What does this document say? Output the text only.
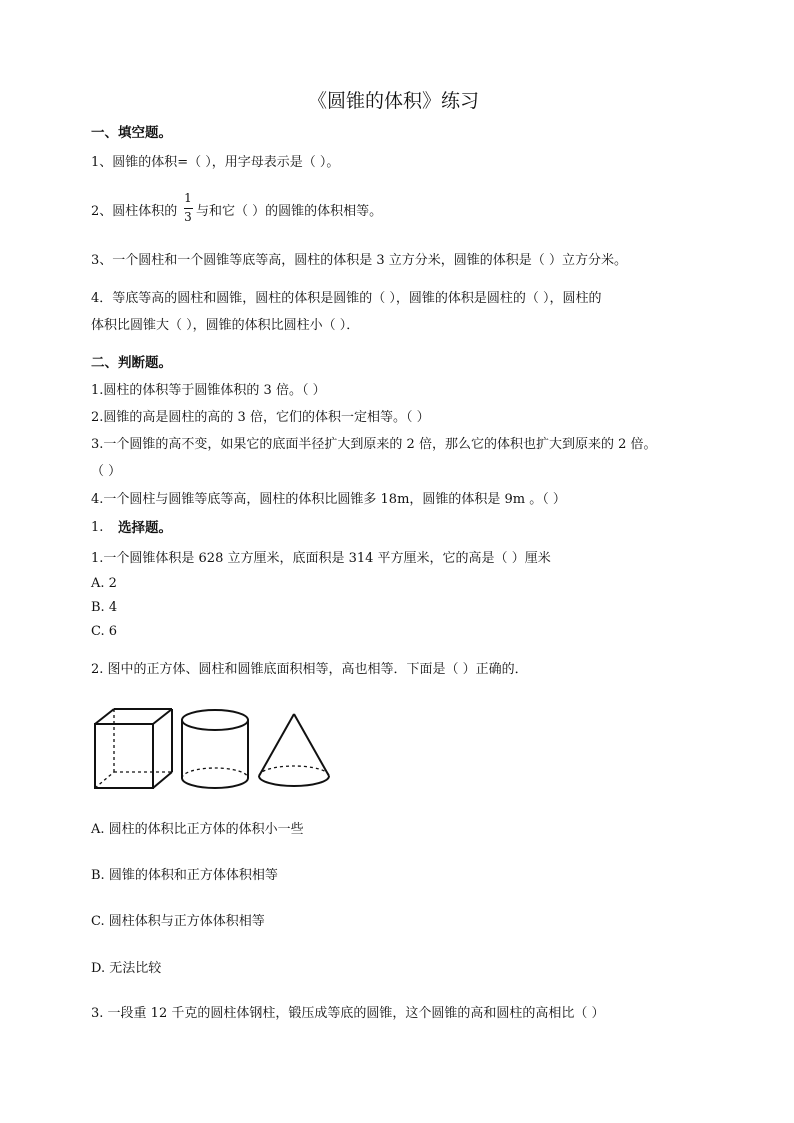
《圆锥的体积》练习
一、填空题。
1、圆锥的体积=（ ），用字母表示是（ ）。
2、圆柱体积的
1
3 与和它（ ）的圆锥的体积相等。
3、一个圆柱和一个圆锥等底等高，圆柱的体积是 3 立方分米，圆锥的体积是（ ）立方分米。
4．等底等高的圆柱和圆锥，圆柱的体积是圆锥的（ ），圆锥的体积是圆柱的（ ），圆柱的
体积比圆锥大（ ），圆锥的体积比圆柱小（ ）．
二、判断题。
1.圆柱的体积等于圆锥体积的 3 倍。（ ）
2.圆锥的高是圆柱的高的 3 倍，它们的体积一定相等。（ ）
3.一个圆锥的高不变，如果它的底面半径扩大到原来的 2 倍，那么它的体积也扩大到原来的 2 倍。
（ ）
4.一个圆柱与圆锥等底等高，圆柱的体积比圆锥多 18m，圆锥的体积是 9m 。（ ）
1. 选择题。
1.一个圆锥体积是 628 立方厘米，底面积是 314 平方厘米，它的高是（ ）厘米
A. 2
B. 4
C. 6
2. 图中的正方体、圆柱和圆锥底面积相等，高也相等．下面是（ ）正确的．
A. 圆柱的体积比正方体的体积小一些
B. 圆锥的体积和正方体体积相等
C. 圆柱体积与正方体体积相等
D. 无法比较
3. 一段重 12 千克的圆柱体钢柱，锻压成等底的圆锥，这个圆锥的高和圆柱的高相比（ ）
